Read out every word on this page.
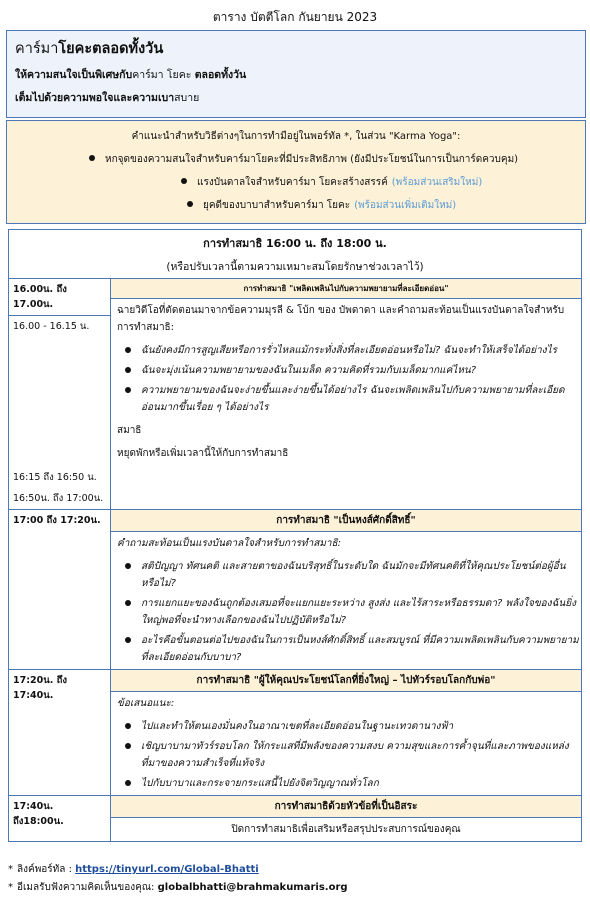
ตาราง บัตตีโลก กันยายน 2023
คาร์มาโยคะตลอดทั้งวัน
ให้ความสนใจเป็นพิเศษกับคาร์มา โยคะ ตลอดทั้งวัน
เต็มไปด้วยความพอใจและความเบาสบาย
คำแนะนำสำหรับวิธีต่างๆในการทำมือยู่ในพอร์ทัล *, ในส่วน "Karma Yoga":
หกจุดของความสนใจสำหรับคาร์มาโยคะที่มีประสิทธิภาพ (ยังมีประโยชน์ในการเป็นการ์ดควบคุม)
แรงบันดาลใจสำหรับคาร์มา โยคะสร้างสรรค์ (พร้อมส่วนเสริมใหม่)
ยุคดีของบาบาสำหรับคาร์มา โยคะ (พร้อมส่วนเพิ่มเติมใหม่)
การทำสมาธิ 16:00 น. ถึง 18:00 น.
(หรือปรับเวลานี้ตามความเหมาะสมโดยรักษาช่วงเวลาไว้)
16.00น. ถึง 17.00น.
16.00 - 16.15 น.
16:15 ถึง 16:50 น.
16:50น. ถึง 17:00น.
การทำสมาธิ "เพลิดเพลินไปกับความพยายามที่ละเอียดอ่อน"
ฉายวิดีโอที่ตัดตอนมาจากข้อความมุรลี & โบ้ก ของ บัพดาดา และคำถามสะท้อนเป็นแรงบันดาลใจสำหรับการทำสมาธิ:
ฉันยังคงมีการสูญเสียหรือการรั่วไหลแม้กระทั่งสิ่งที่ละเอียดอ่อนหรือไม่? ฉันจะทำให้เสร็จได้อย่างไร
ฉันจะมุ่งเน้นความพยายามของฉันในเมล็ด ความคิดที่รวมกับเมล็ดมากแค่ไหน?
ความพยายามของฉันจะง่ายขึ้นและง่ายขึ้นได้อย่างไร ฉันจะเพลิดเพลินไปกับความพยายามที่ละเอียดอ่อนมากขึ้นเรื่อย ๆ ได้อย่างไร
สมาธิ
หยุดพักหรือเพิ่มเวลานี้ให้กับการทำสมาธิ
17:00 ถึง 17:20น.	การทำสมาธิ "เป็นหงส์ศักดิ์สิทธิ์"
คำถามสะท้อนเป็นแรงบันดาลใจสำหรับการทำสมาธิ:
สติปัญญา ทัศนคติ และสายตาของฉันบริสุทธิ์ในระดับใด ฉันมักจะมีทัศนคติที่ให้คุณประโยชน์ต่อผู้อื่นหรือไม่?
การแยกแยะของฉันถูกต้องเสมอที่จะแยกแยะระหว่าง สูงส่ง และไร้สาระหรือธรรมดา? พลังใจของฉันยิ่งใหญ่พอที่จะนำทางเลือกของฉันไปปฏิบัติหรือไม่?
อะไรคือขั้นตอนต่อไปของฉันในการเป็นหงส์ศักดิ์สิทธิ์ และสมบูรณ์ ที่มีความเพลิดเพลินกับความพยายามที่ละเอียดอ่อนกับบาบา?
17:20น. ถึง 17:40น.
การทำสมาธิ "ผู้ให้คุณประโยชน์โลกที่ยิ่งใหญ่ – ไปทัวร์รอบโลกกับพ่อ"
ข้อเสนอแนะ:
ไปและทำให้ตนเองมั่นคงในอาณาเขตที่ละเอียดอ่อนในฐานะเทวดานางฟ้า
เชิญบาบามาทัวร์รอบโลก ให้กระแสที่มีพลังของความสงบ ความสุขและการค้ำจุนที่และภาพของแหล่งที่มาของความสำเร็จที่แท้จริง
ไปกับบาบาและกระจายกระแสนี้ไปยังจิตวิญญาณทั่วโลก
17:40น. ถึง18:00น.
การทำสมาธิด้วยหัวข้อที่เป็นอิสระ
ปิดการทำสมาธิเพื่อเสริมหรือสรุปประสบการณ์ของคุณ
* ลิงค์พอร์ทัล : https://tinyurl.com/Global-Bhatti
* อีเมลรับฟังความคิดเห็นของคุณ: globalbhatti@brahmakumaris.org
